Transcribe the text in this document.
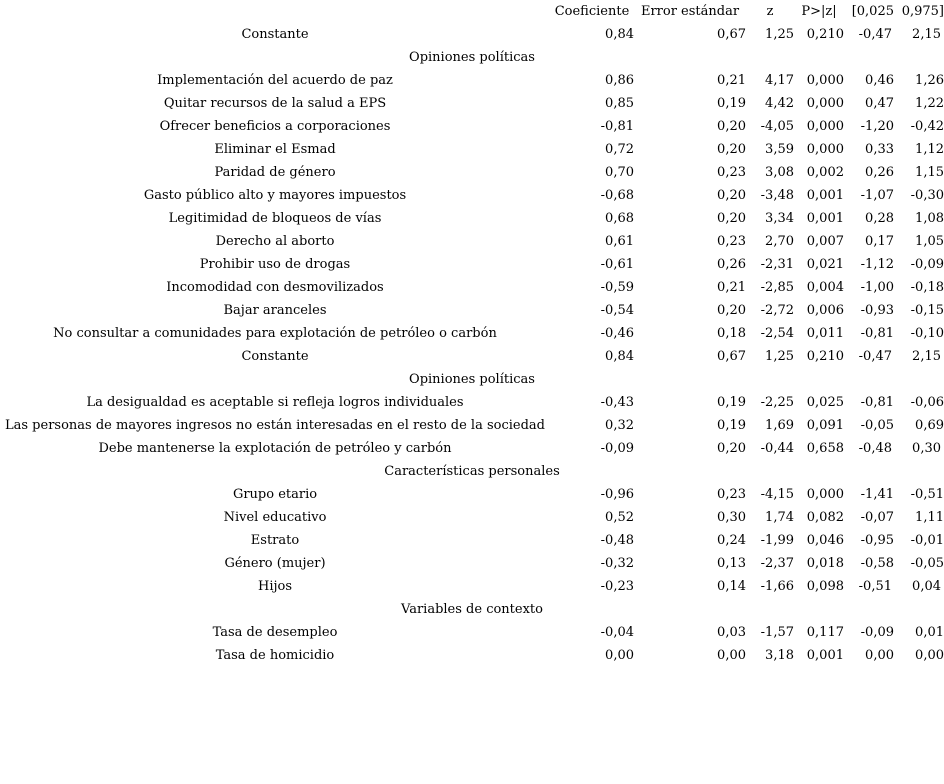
	Coeficiente	Error estándar	z	P>|z|	[0,025	0,975]
Constante	0,84	0,67	1,25	0,210	-0,47	2,15
Opiniones políticas						
Implementación del acuerdo de paz	0,86	0,21	4,17	0,000	0,46	1,26
Quitar recursos de la salud a EPS	0,85	0,19	4,42	0,000	0,47	1,22
Ofrecer beneficios a corporaciones	-0,81	0,20	-4,05	0,000	-1,20	-0,42
Eliminar el Esmad	0,72	0,20	3,59	0,000	0,33	1,12
Paridad de género	0,70	0,23	3,08	0,002	0,26	1,15
Gasto público alto y mayores impuestos	-0,68	0,20	-3,48	0,001	-1,07	-0,30
Legitimidad de bloqueos de vías	0,68	0,20	3,34	0,001	0,28	1,08
Derecho al aborto	0,61	0,23	2,70	0,007	0,17	1,05
Prohibir uso de drogas	-0,61	0,26	-2,31	0,021	-1,12	-0,09
Incomodidad con desmovilizados	-0,59	0,21	-2,85	0,004	-1,00	-0,18
Bajar aranceles	-0,54	0,20	-2,72	0,006	-0,93	-0,15
No consultar a comunidades para explotación de petróleo o carbón	-0,46	0,18	-2,54	0,011	-0,81	-0,10
Constante	0,84	0,67	1,25	0,210	-0,47	2,15
Opiniones políticas						
La desigualdad es aceptable si refleja logros individuales	-0,43	0,19	-2,25	0,025	-0,81	-0,06
Las personas de mayores ingresos no están interesadas en el resto de la sociedad	0,32	0,19	1,69	0,091	-0,05	0,69
Debe mantenerse la explotación de petróleo y carbón	-0,09	0,20	-0,44	0,658	-0,48	0,30
Características personales						
Grupo etario	-0,96	0,23	-4,15	0,000	-1,41	-0,51
Nivel educativo	0,52	0,30	1,74	0,082	-0,07	1,11
Estrato	-0,48	0,24	-1,99	0,046	-0,95	-0,01
Género (mujer)	-0,32	0,13	-2,37	0,018	-0,58	-0,05
Hijos	-0,23	0,14	-1,66	0,098	-0,51	0,04
Variables de contexto						
Tasa de desempleo	-0,04	0,03	-1,57	0,117	-0,09	0,01
Tasa de homicidio	0,00	0,00	3,18	0,001	0,00	0,00
